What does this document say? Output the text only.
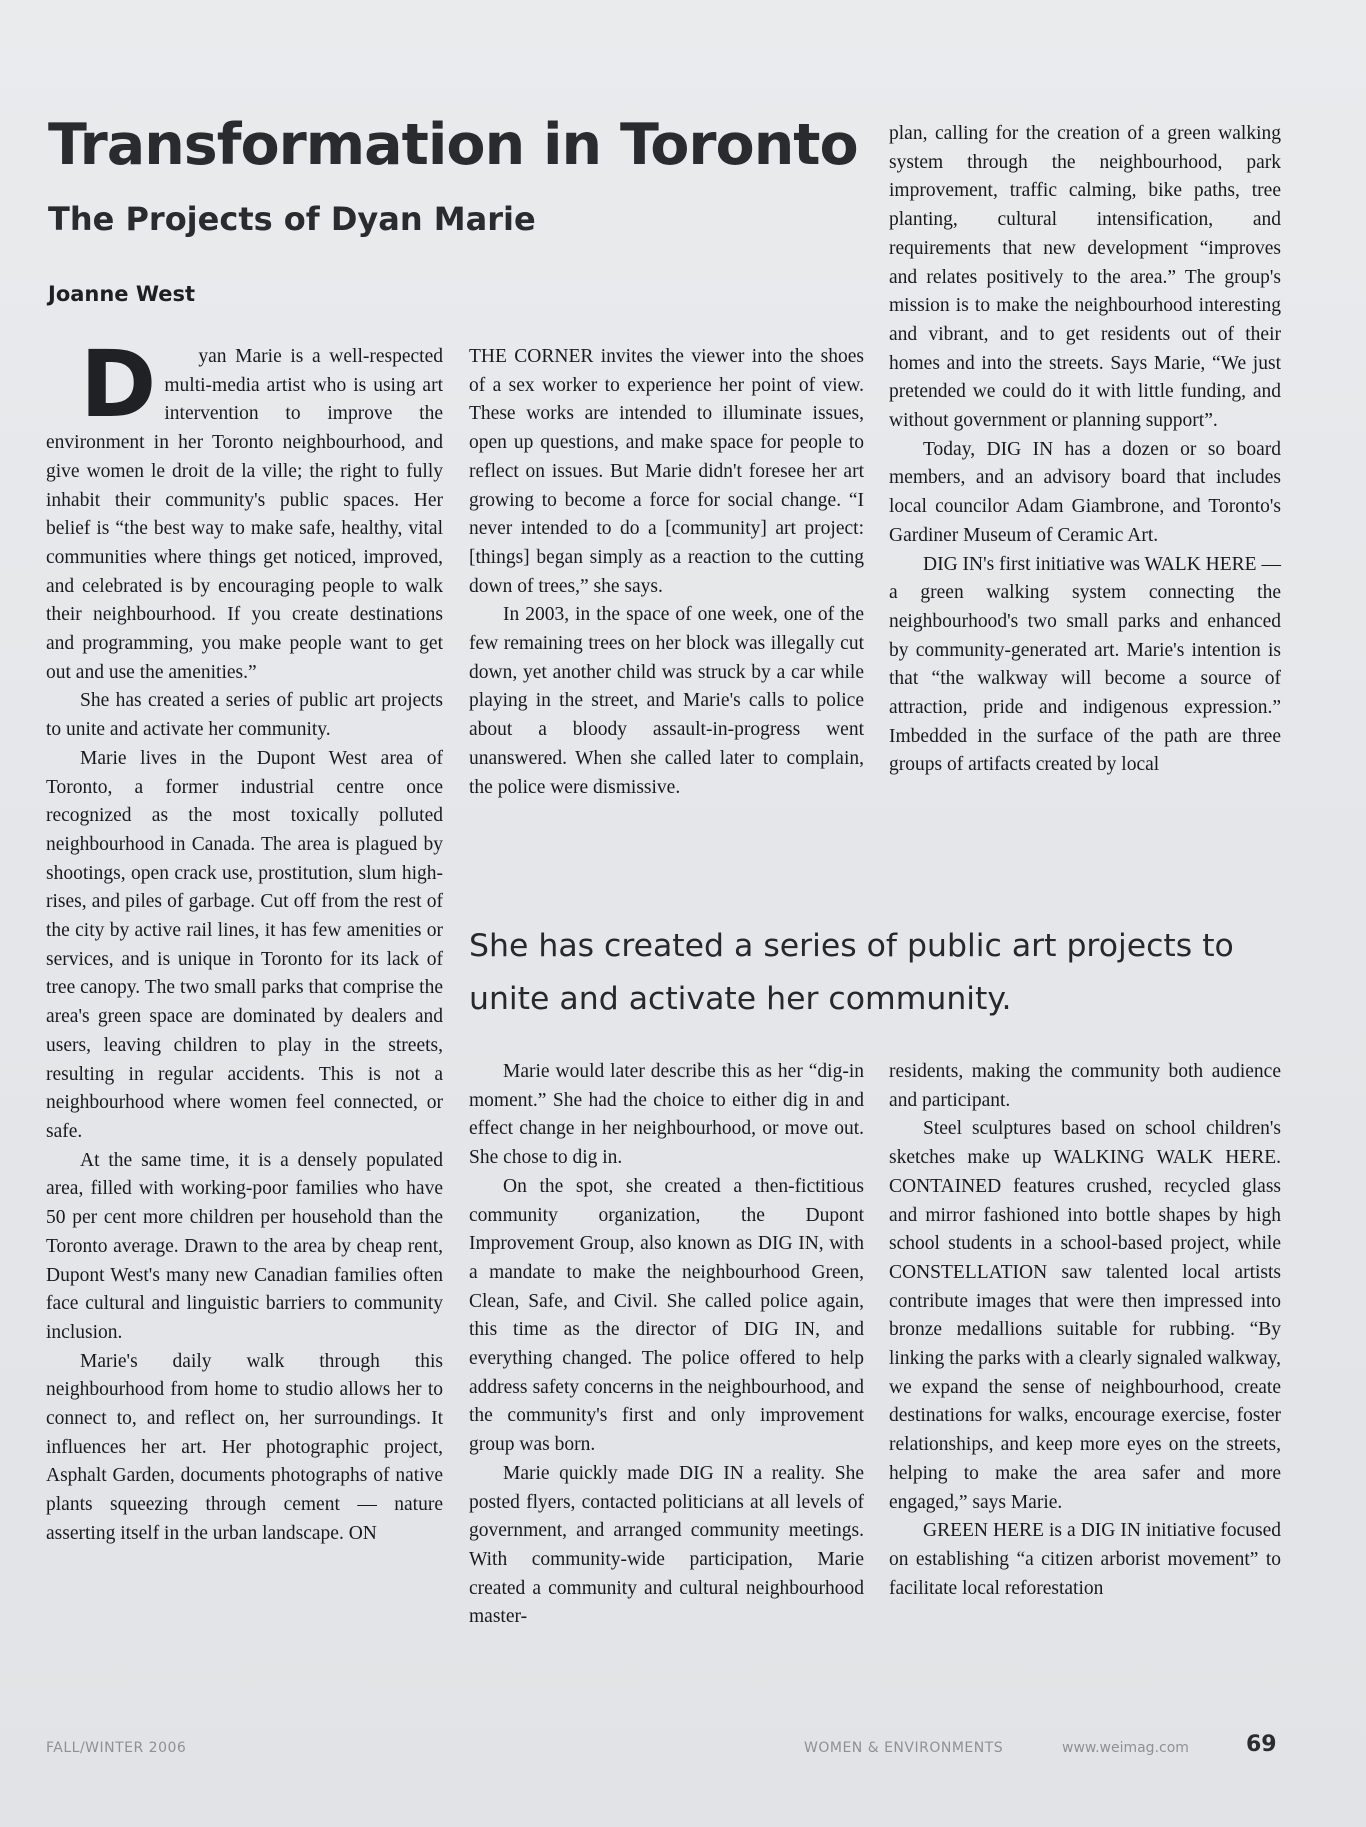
Transformation in Toronto
The Projects of Dyan Marie
Joanne West

Dyan Marie is a well-respected multi-media artist who is using art intervention to improve the environment in her Toronto neighbourhood, and give women le droit de la ville; the right to fully inhabit their community's public spaces. Her belief is “the best way to make safe, healthy, vital communities where things get noticed, improved, and celebrated is by encouraging people to walk their neighbourhood. If you create destinations and programming, you make people want to get out and use the amenities.”

She has created a series of public art projects to unite and activate her community.

Marie lives in the Dupont West area of Toronto, a former industrial centre once recognized as the most toxically polluted neighbourhood in Canada. The area is plagued by shootings, open crack use, prostitution, slum high-rises, and piles of garbage. Cut off from the rest of the city by active rail lines, it has few amenities or services, and is unique in Toronto for its lack of tree canopy. The two small parks that comprise the area's green space are dominated by dealers and users, leaving children to play in the streets, resulting in regular accidents. This is not a neighbourhood where women feel connected, or safe.

At the same time, it is a densely populated area, filled with working-poor families who have 50 per cent more children per household than the Toronto average. Drawn to the area by cheap rent, Dupont West's many new Canadian families often face cultural and linguistic barriers to community inclusion.

Marie's daily walk through this neighbourhood from home to studio allows her to connect to, and reflect on, her surroundings. It influences her art. Her photographic project, Asphalt Garden, documents photographs of native plants squeezing through cement — nature asserting itself in the urban landscape. ON

THE CORNER invites the viewer into the shoes of a sex worker to experience her point of view. These works are intended to illuminate issues, open up questions, and make space for people to reflect on issues. But Marie didn't foresee her art growing to become a force for social change. “I never intended to do a [community] art project: [things] began simply as a reaction to the cutting down of trees,” she says.

In 2003, in the space of one week, one of the few remaining trees on her block was illegally cut down, yet another child was struck by a car while playing in the street, and Marie's calls to police about a bloody assault-in-progress went unanswered. When she called later to complain, the police were dismissive.

plan, calling for the creation of a green walking system through the neighbourhood, park improvement, traffic calming, bike paths, tree planting, cultural intensification, and requirements that new development “improves and relates positively to the area.” The group's mission is to make the neighbourhood interesting and vibrant, and to get residents out of their homes and into the streets. Says Marie, “We just pretended we could do it with little funding, and without government or planning support”.

Today, DIG IN has a dozen or so board members, and an advisory board that includes local councilor Adam Giambrone, and Toronto's Gardiner Museum of Ceramic Art.

DIG IN's first initiative was WALK HERE — a green walking system connecting the neighbourhood's two small parks and enhanced by community-generated art. Marie's intention is that “the walkway will become a source of attraction, pride and indigenous expression.” Imbedded in the surface of the path are three groups of artifacts created by local

She has created a series of public art projects to unite and activate her community.

Marie would later describe this as her “dig-in moment.” She had the choice to either dig in and effect change in her neighbourhood, or move out. She chose to dig in.

On the spot, she created a then-fictitious community organization, the Dupont Improvement Group, also known as DIG IN, with a mandate to make the neighbourhood Green, Clean, Safe, and Civil. She called police again, this time as the director of DIG IN, and everything changed. The police offered to help address safety concerns in the neighbourhood, and the community's first and only improvement group was born.

Marie quickly made DIG IN a reality. She posted flyers, contacted politicians at all levels of government, and arranged community meetings. With community-wide participation, Marie created a community and cultural neighbourhood master-

residents, making the community both audience and participant.

Steel sculptures based on school children's sketches make up WALKING WALK HERE. CONTAINED features crushed, recycled glass and mirror fashioned into bottle shapes by high school students in a school-based project, while CONSTELLATION saw talented local artists contribute images that were then impressed into bronze medallions suitable for rubbing. “By linking the parks with a clearly signaled walkway, we expand the sense of neighbourhood, create destinations for walks, encourage exercise, foster relationships, and keep more eyes on the streets, helping to make the area safer and more engaged,” says Marie.

GREEN HERE is a DIG IN initiative focused on establishing “a citizen arborist movement” to facilitate local reforestation

FALL/WINTER 2006	WOMEN & ENVIRONMENTS	www.weimag.com	69
